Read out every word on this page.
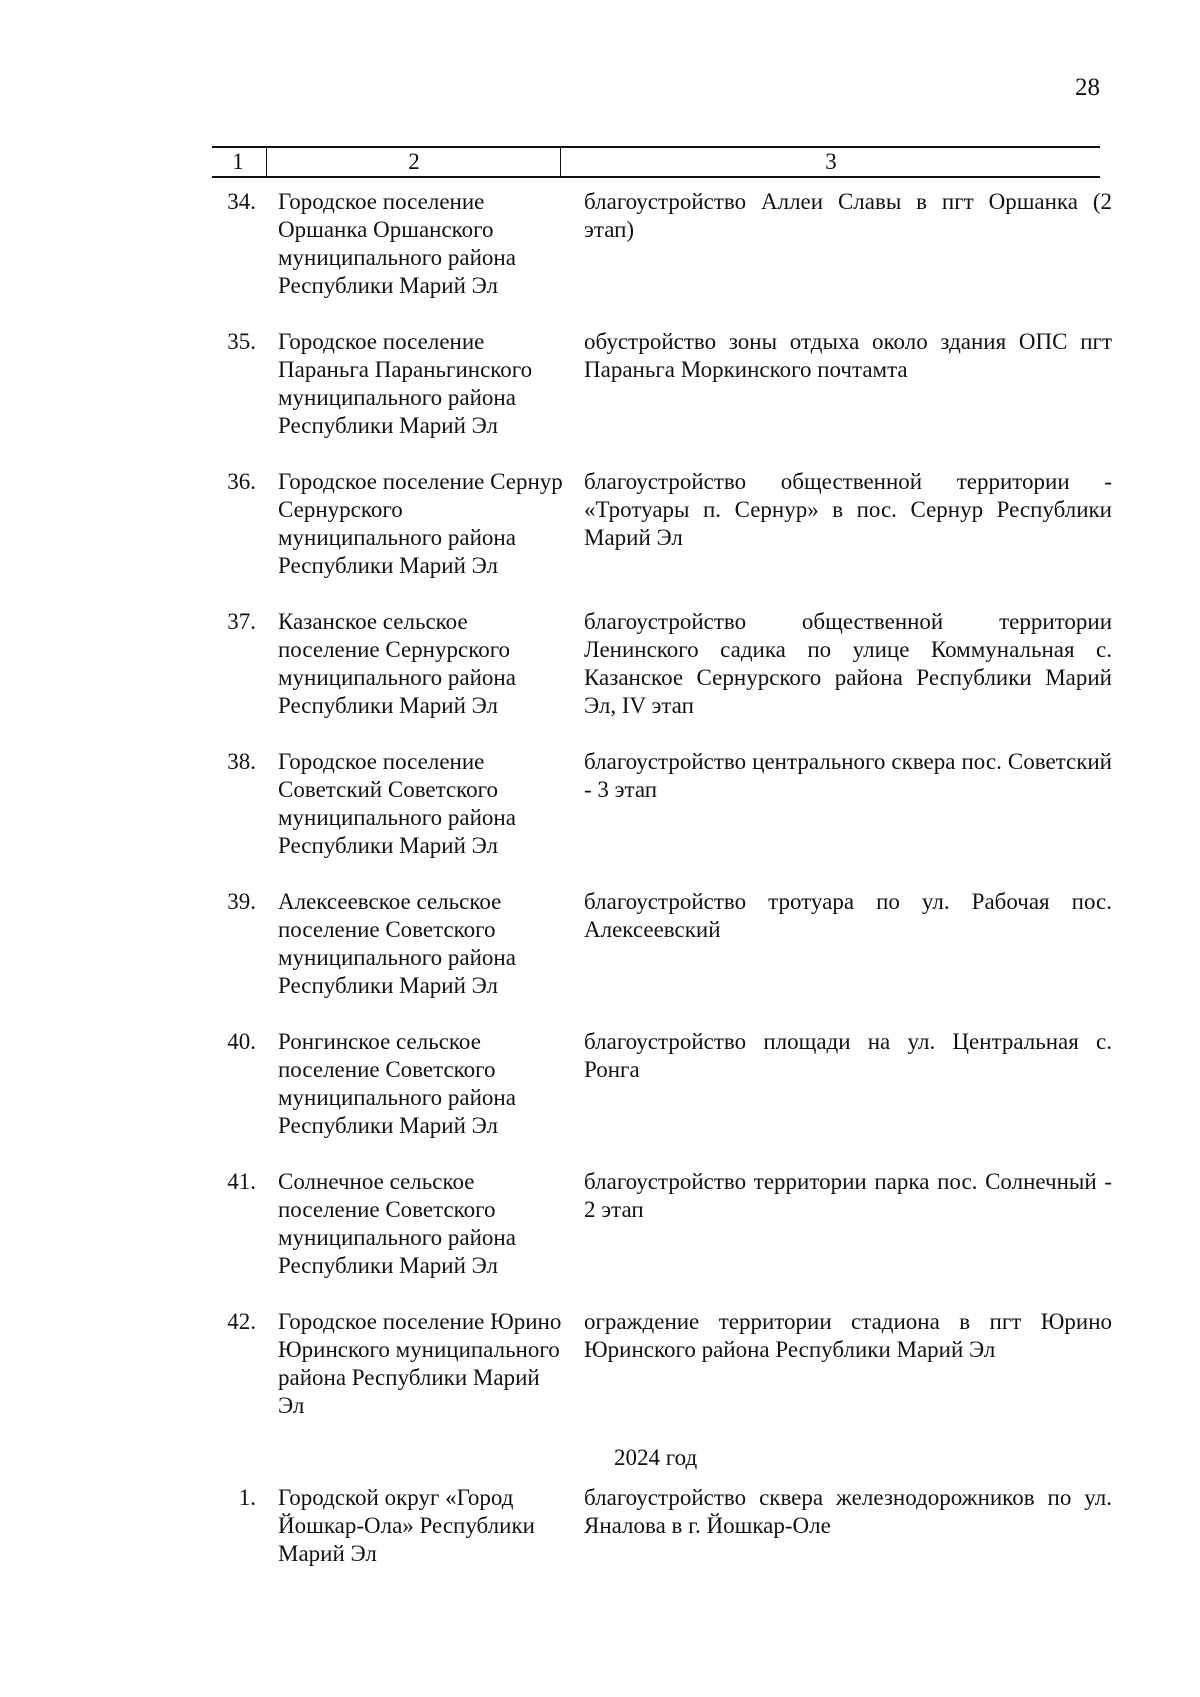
28
1	2	3
34. Городское поселение Оршанка Оршанского муниципального района Республики Марий Эл
благоустройство Аллеи Славы в пгт Оршанка (2 этап)
35. Городское поселение Параньга Параньгинского муниципального района Республики Марий Эл
обустройство зоны отдыха около здания ОПС пгт Параньга Моркинского почтамта
36. Городское поселение Сернур Сернурского муниципального района Республики Марий Эл
благоустройство общественной территории - «Тротуары п. Сернур» в пос. Сернур Республики Марий Эл
37. Казанское сельское поселение Сернурского муниципального района Республики Марий Эл
благоустройство общественной территории Ленинского садика по улице Коммунальная с. Казанское Сернурского района Республики Марий Эл, IV этап
38. Городское поселение Советский Советского муниципального района Республики Марий Эл
благоустройство центрального сквера пос. Советский - 3 этап
39. Алексеевское сельское поселение Советского муниципального района Республики Марий Эл
благоустройство тротуара по ул. Рабочая пос. Алексеевский
40. Ронгинское сельское поселение Советского муниципального района Республики Марий Эл
благоустройство площади на ул. Центральная с. Ронга
41. Солнечное сельское поселение Советского муниципального района Республики Марий Эл
благоустройство территории парка пос. Солнечный - 2 этап
42. Городское поселение Юрино Юринского муниципального района Республики Марий Эл
ограждение территории стадиона в пгт Юрино Юринского района Республики Марий Эл
2024 год
1. Городской округ «Город Йошкар-Ола» Республики Марий Эл
благоустройство сквера железнодорожников по ул. Яналова в г. Йошкар-Оле
